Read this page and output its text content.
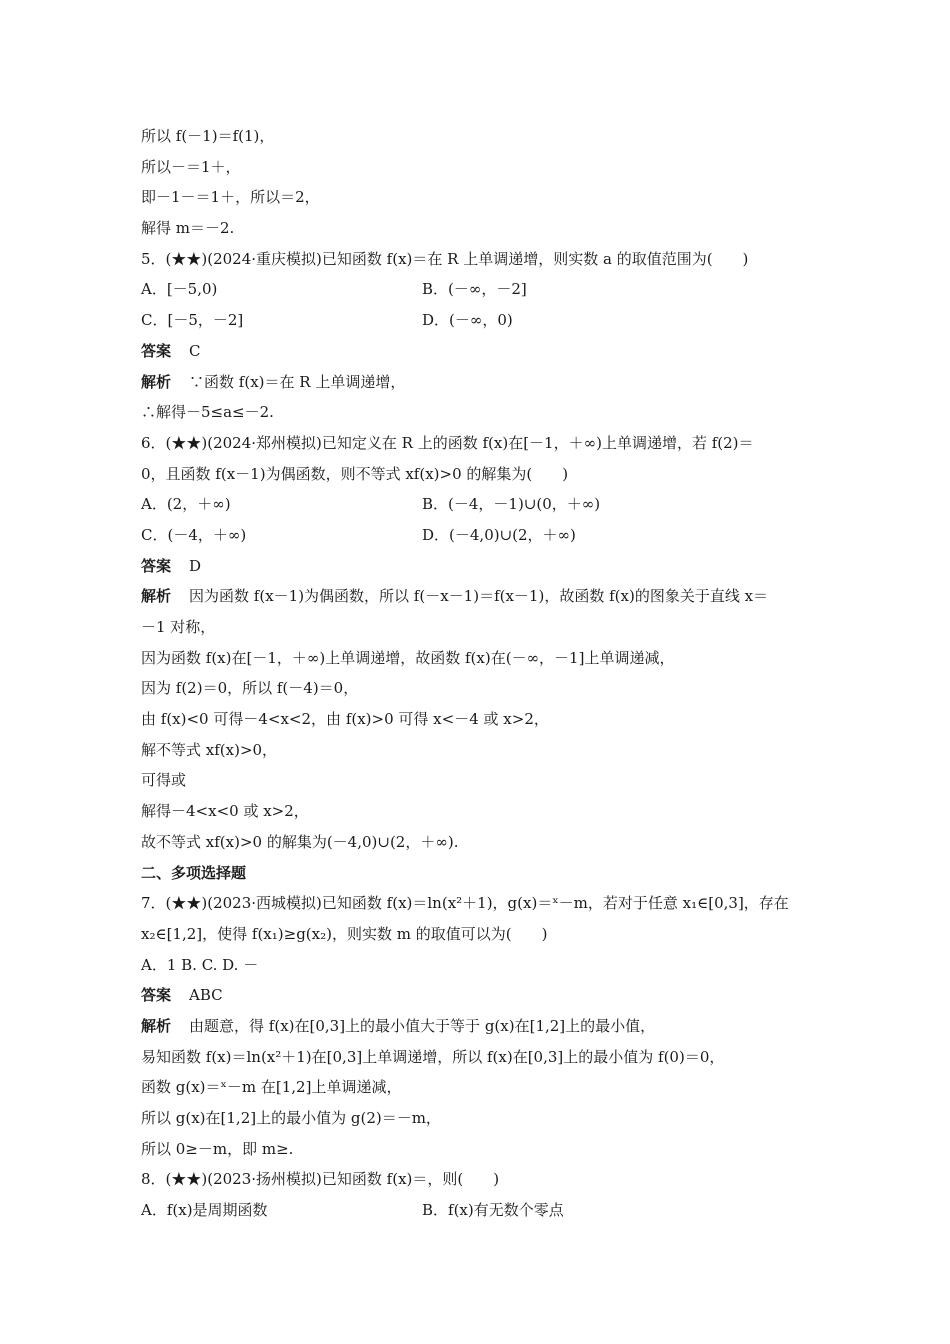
所以 f(－1)＝f(1)，
所以－＝1＋，
即－1－＝1＋，所以＝2，
解得 m＝－2.
5．(★★)(2024·重庆模拟)已知函数 f(x)＝在 R 上单调递增，则实数 a 的取值范围为(　　)
A．[－5,0)	B．(－∞，－2]
C．[－5，－2]	D．(－∞，0)
答案 C
解析 ∵函数 f(x)＝在 R 上单调递增，
∴解得－5≤a≤－2.
6．(★★)(2024·郑州模拟)已知定义在 R 上的函数 f(x)在[－1，＋∞)上单调递增，若 f(2)＝
0，且函数 f(x－1)为偶函数，则不等式 xf(x)>0 的解集为(　　)
A．(2，＋∞)	B．(－4，－1)∪(0，＋∞)
C．(－4，＋∞)	D．(－4,0)∪(2，＋∞)
答案 D
解析 因为函数 f(x－1)为偶函数，所以 f(－x－1)＝f(x－1)，故函数 f(x)的图象关于直线 x＝
－1 对称，
因为函数 f(x)在[－1，＋∞)上单调递增，故函数 f(x)在(－∞，－1]上单调递减，
因为 f(2)＝0，所以 f(－4)＝0，
由 f(x)<0 可得－4<x<2，由 f(x)>0 可得 x<－4 或 x>2，
解不等式 xf(x)>0，
可得或
解得－4<x<0 或 x>2，
故不等式 xf(x)>0 的解集为(－4,0)∪(2，＋∞).
二、多项选择题
7．(★★)(2023·西城模拟)已知函数 f(x)＝ln(x²＋1)，g(x)＝ˣ－m，若对于任意 x₁∈[0,3]，存在
x₂∈[1,2]，使得 f(x₁)≥g(x₂)，则实数 m 的取值可以为(　　)
A．1 B. C. D. －
答案 ABC
解析 由题意，得 f(x)在[0,3]上的最小值大于等于 g(x)在[1,2]上的最小值，
易知函数 f(x)＝ln(x²＋1)在[0,3]上单调递增，所以 f(x)在[0,3]上的最小值为 f(0)＝0，
函数 g(x)＝ˣ－m 在[1,2]上单调递减，
所以 g(x)在[1,2]上的最小值为 g(2)＝－m，
所以 0≥－m，即 m≥.
8．(★★)(2023·扬州模拟)已知函数 f(x)＝，则(　　)
A．f(x)是周期函数	B．f(x)有无数个零点
